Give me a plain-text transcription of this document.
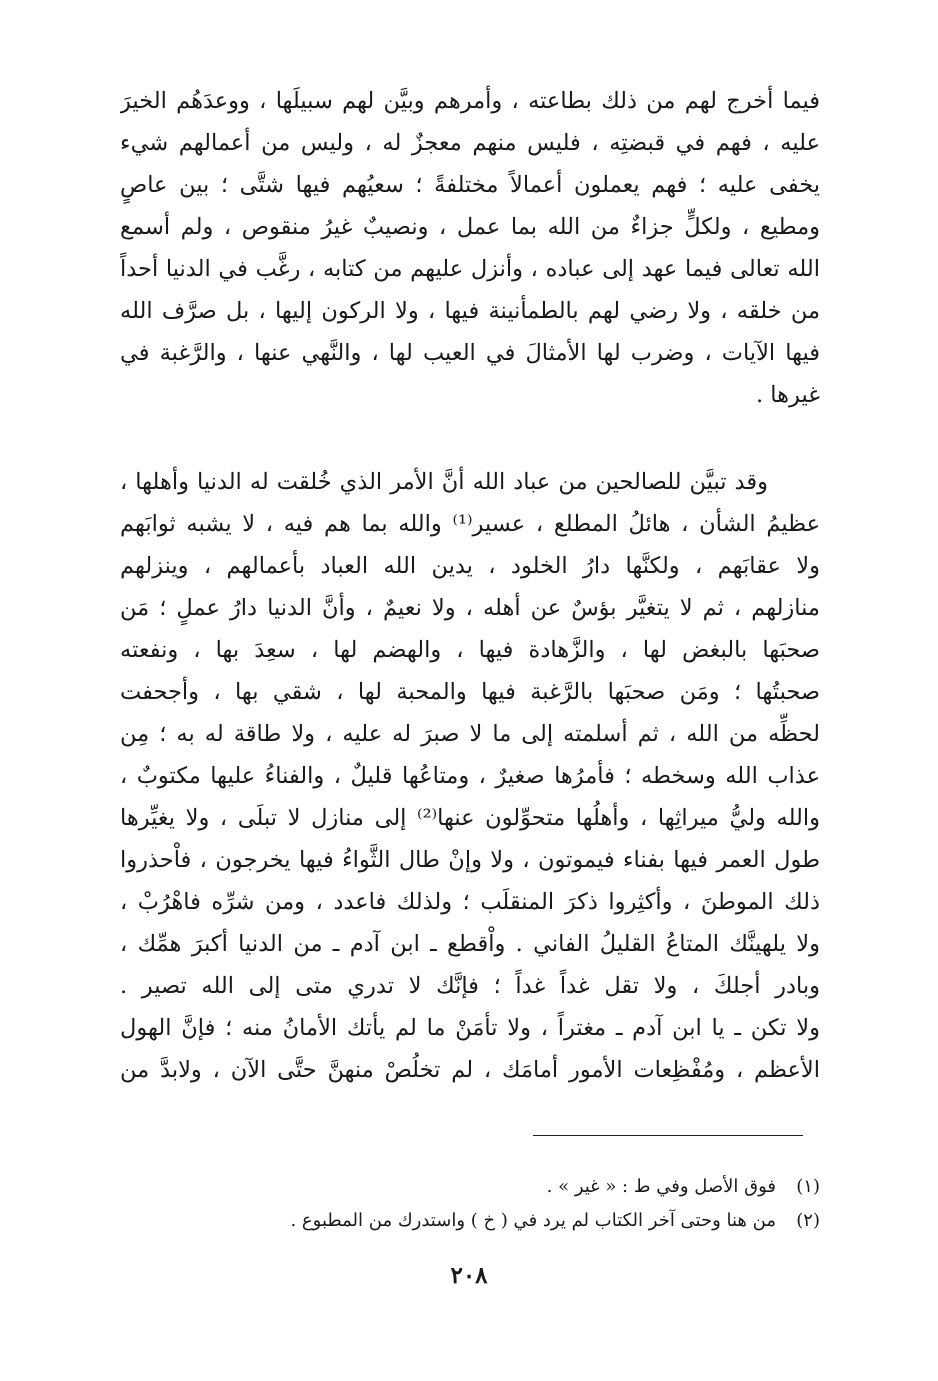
فيما أخرج لهم من ذلك بطاعته ، وأمرهم وبيَّن لهم سبيلَها ، ووعدَهُم الخيرَ
عليه ، فهم في قبضتِه ، فليس منهم معجزٌ له ، وليس من أعمالهم شيء
يخفى عليه ؛ فهم يعملون أعمالاً مختلفةً ؛ سعيُهم فيها شتَّى ؛ بين عاصٍ
ومطيع ، ولكلٍّ جزاءٌ من الله بما عمل ، ونصيبٌ غيرُ منقوص ، ولم أسمع
الله تعالى فيما عهد إلى عباده ، وأنزل عليهم من كتابه ، رغَّب في الدنيا أحداً
من خلقه ، ولا رضي لهم بالطمأنينة فيها ، ولا الركون إليها ، بل صرَّف الله
فيها الآيات ، وضرب لها الأمثالَ في العيب لها ، والنَّهي عنها ، والرَّغبة في
غيرها .
وقد تبيَّن للصالحين من عباد الله أنَّ الأمر الذي خُلقت له الدنيا وأهلها ،
عظيمُ الشأن ، هائلُ المطلع ، عسير⁽¹⁾ والله بما هم فيه ، لا يشبه ثوابَهم
ولا عقابَهم ، ولكنَّها دارُ الخلود ، يدين الله العباد بأعمالهم ، وينزلهم
منازلهم ، ثم لا يتغيَّر بؤسٌ عن أهله ، ولا نعيمٌ ، وأنَّ الدنيا دارُ عملٍ ؛ مَن
صحبَها بالبغض لها ، والزَّهادة فيها ، والهضم لها ، سعِدَ بها ، ونفعته
صحبتُها ؛ ومَن صحبَها بالرَّغبة فيها والمحبة لها ، شقي بها ، وأجحفت
لحظِّه من الله ، ثم أسلمته إلى ما لا صبرَ له عليه ، ولا طاقة له به ؛ مِن
عذاب الله وسخطه ؛ فأمرُها صغيرٌ ، ومتاعُها قليلٌ ، والفناءُ عليها مكتوبٌ ،
والله وليُّ ميراثِها ، وأهلُها متحوِّلون عنها⁽²⁾ إلى منازل لا تبلَى ، ولا يغيِّرها
طول العمر فيها بفناء فيموتون ، ولا وإنْ طال الثَّواءُ فيها يخرجون ، فاْحذروا
ذلك الموطنَ ، وأكثِروا ذكرَ المنقلَب ؛ ولذلك فاعدد ، ومن شرِّه فاهْرُبْ ،
ولا يلهينَّك المتاعُ القليلُ الفاني . واْقطع ـ ابن آدم ـ من الدنيا أكبرَ همِّك ،
وبادر أجلكَ ، ولا تقل غداً غداً ؛ فإنَّك لا تدري متى إلى الله تصير .
ولا تكن ـ يا ابن آدم ـ مغتراً ، ولا تأمَنْ ما لم يأتك الأمانُ منه ؛ فإنَّ الهول
الأعظم ، ومُفْظِعات الأمور أمامَك ، لم تخلُصْ منهنَّ حتَّى الآن ، ولابدَّ من
(١)فوق الأصل وفي ط : « غير » .
(٢)من هنا وحتى آخر الكتاب لم يرد في ( خ ) واستدرك من المطبوع .
٢٠٨
